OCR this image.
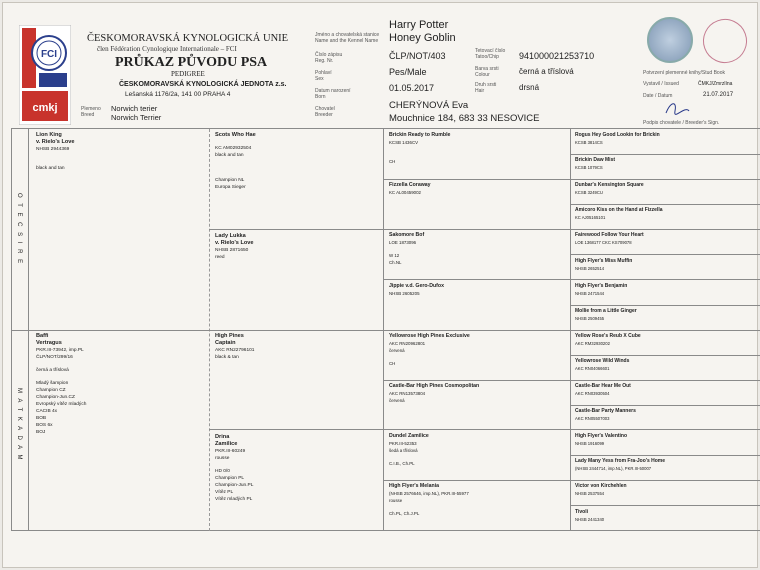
FCI
cmkj
ČESKOMORAVSKÁ KYNOLOGICKÁ UNIE
člen Fédération Cynologique Internationale – FCI
PRŮKAZ PŮVODU PSA
PEDIGREE
ČESKOMORAVSKÁ KYNOLOGICKÁ JEDNOTA z.s.
Lešanská 1176/2a, 141 00 PRAHA 4
Plemeno
Breed
Norwich terier
Norwich Terrier
Jméno a chovatelská stanice
Name and the Kennel Name
Číslo zápisu
Reg. Nr.
Pohlaví
Sex
Datum narození
Born
Chovatel
Breeder
Harry Potter
Honey Goblin
ČLP/NOT/403
Pes/Male
01.05.2017
CHERÝNOVÁ Eva
Mouchnice 184, 683 33 NESOVICE
Tetovací číslo
Tatoo/Chip
Barva srsti
Colour
Druh srsti
Hair
941000021253710
černá a tříslová
drsná
Potvrzení plemenné knihy/Stud Book
Vystavil / Issued	ČMKJ/Zmrzlína
Date / Datum	21.07.2017
Podpis chovatele / Breeder's Sign.
O T E C S I R E
M A T K A D A M
Lion King
v. Rielo's Love
NHSB 2944369
black and tan
Baffi
Vertragus
PKR.III-73942, imp.PL
ČLP/NOT/299/16
černá a tříslová
Mladý šampion
Champion CZ
Champion-Jun.CZ
Evropský vítěz mladých
CACIB 4x
BOB
BOS 6x
BOJ
Scots Who Hae
KC AM02932504
black and tan
Champion NL
Europa Sieger
Lady Lukka
v. Rielo's Love
NHSB 2871650
reed
High Pines
Captain
AKC RN22796101
black & tan
Drina
Zamilice
PKR.III-60249
rousse
HD 0/0
Champion PL
Champion-Jun.PL
Vítěz PL
Vítěz mladých PL
Brickin Ready to Rumble
KCSB 1436CV
CH
Fizzella Coraway
KC AL00459002
Sakomore Bof
LOE 1873096
W 12
Ch.NL
Jippie v.d. Gero-Dufox
NHSB 2605205
Yellowrose High Pines Exclusive
AKC RN20962801
červená
CH
Castle-Bar High Pines Cosmopolitan
AKC RN13573804
červená
Dundel Zamilice
PKR.III-52353
šedá a tříslová
C.I.B., Ch.PL
High Flyer's Melania
(NHSB 2576646, imp.NL), PKR.III-55977
rousse
Ch.PL, Ch.J.PL
Rogus Hey Good Lookin for Brickin
KCSB 3814CS
Brickin Daw Mist
KCSB 1079CS
Dunbar's Kensington Square
KCSB 3249CU
Amicoro Kiss on the Hand at Fizzella
KC AJ05165101
Fairewood Follow Your Heart
LOE 1368177 CKC KS709078
High Flyer's Miss Muffin
NHSB 2652514
High Flyer's Benjamin
NHSB 2471544
Mollie from a Little Ginger
NHSB 2509455
Yellow Rose's Reub X Cube
AKC RM32930202
Yellowrose Wild Winds
AKC RN04066601
Castle-Bar Hear Me Out
AKC RN03930504
Castle-Bar Party Manners
AKC RN05507003
High Flyer's Valentino
NHSB 1916099
Lady Many Yess from Fra-Joo's Home
(NHSB 2444714, imp.NL), PKR.III-50007
Victor von Kirchehlen
NHSB 2537554
Tivoli
NHSB 2441340
